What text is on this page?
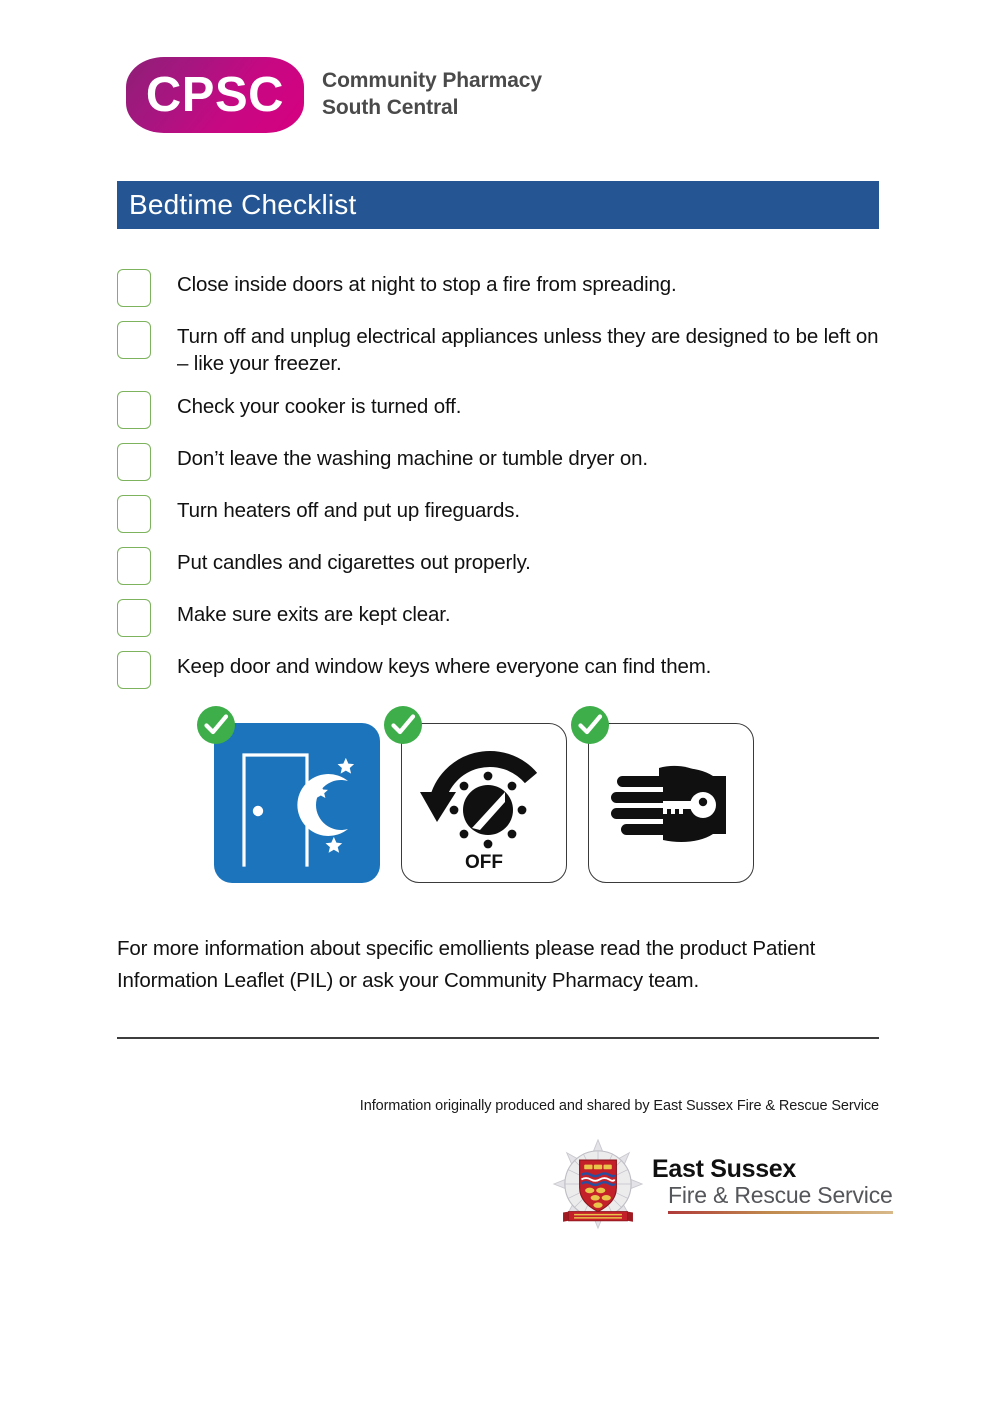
CPSC Community Pharmacy
South Central
Bedtime Checklist
Close inside doors at night to stop a fire from spreading.
Turn off and unplug electrical appliances unless they are designed to be left on – like your freezer.
Check your cooker is turned off.
Don’t leave the washing machine or tumble dryer on.
Turn heaters off and put up fireguards.
Put candles and cigarettes out properly.
Make sure exits are kept clear.
Keep door and window keys where everyone can find them.
OFF
For more information about specific emollients please read the product Patient Information Leaflet (PIL) or ask your Community Pharmacy team.
Information originally produced and shared by East Sussex Fire & Rescue Service
East Sussex
Fire & Rescue Service
